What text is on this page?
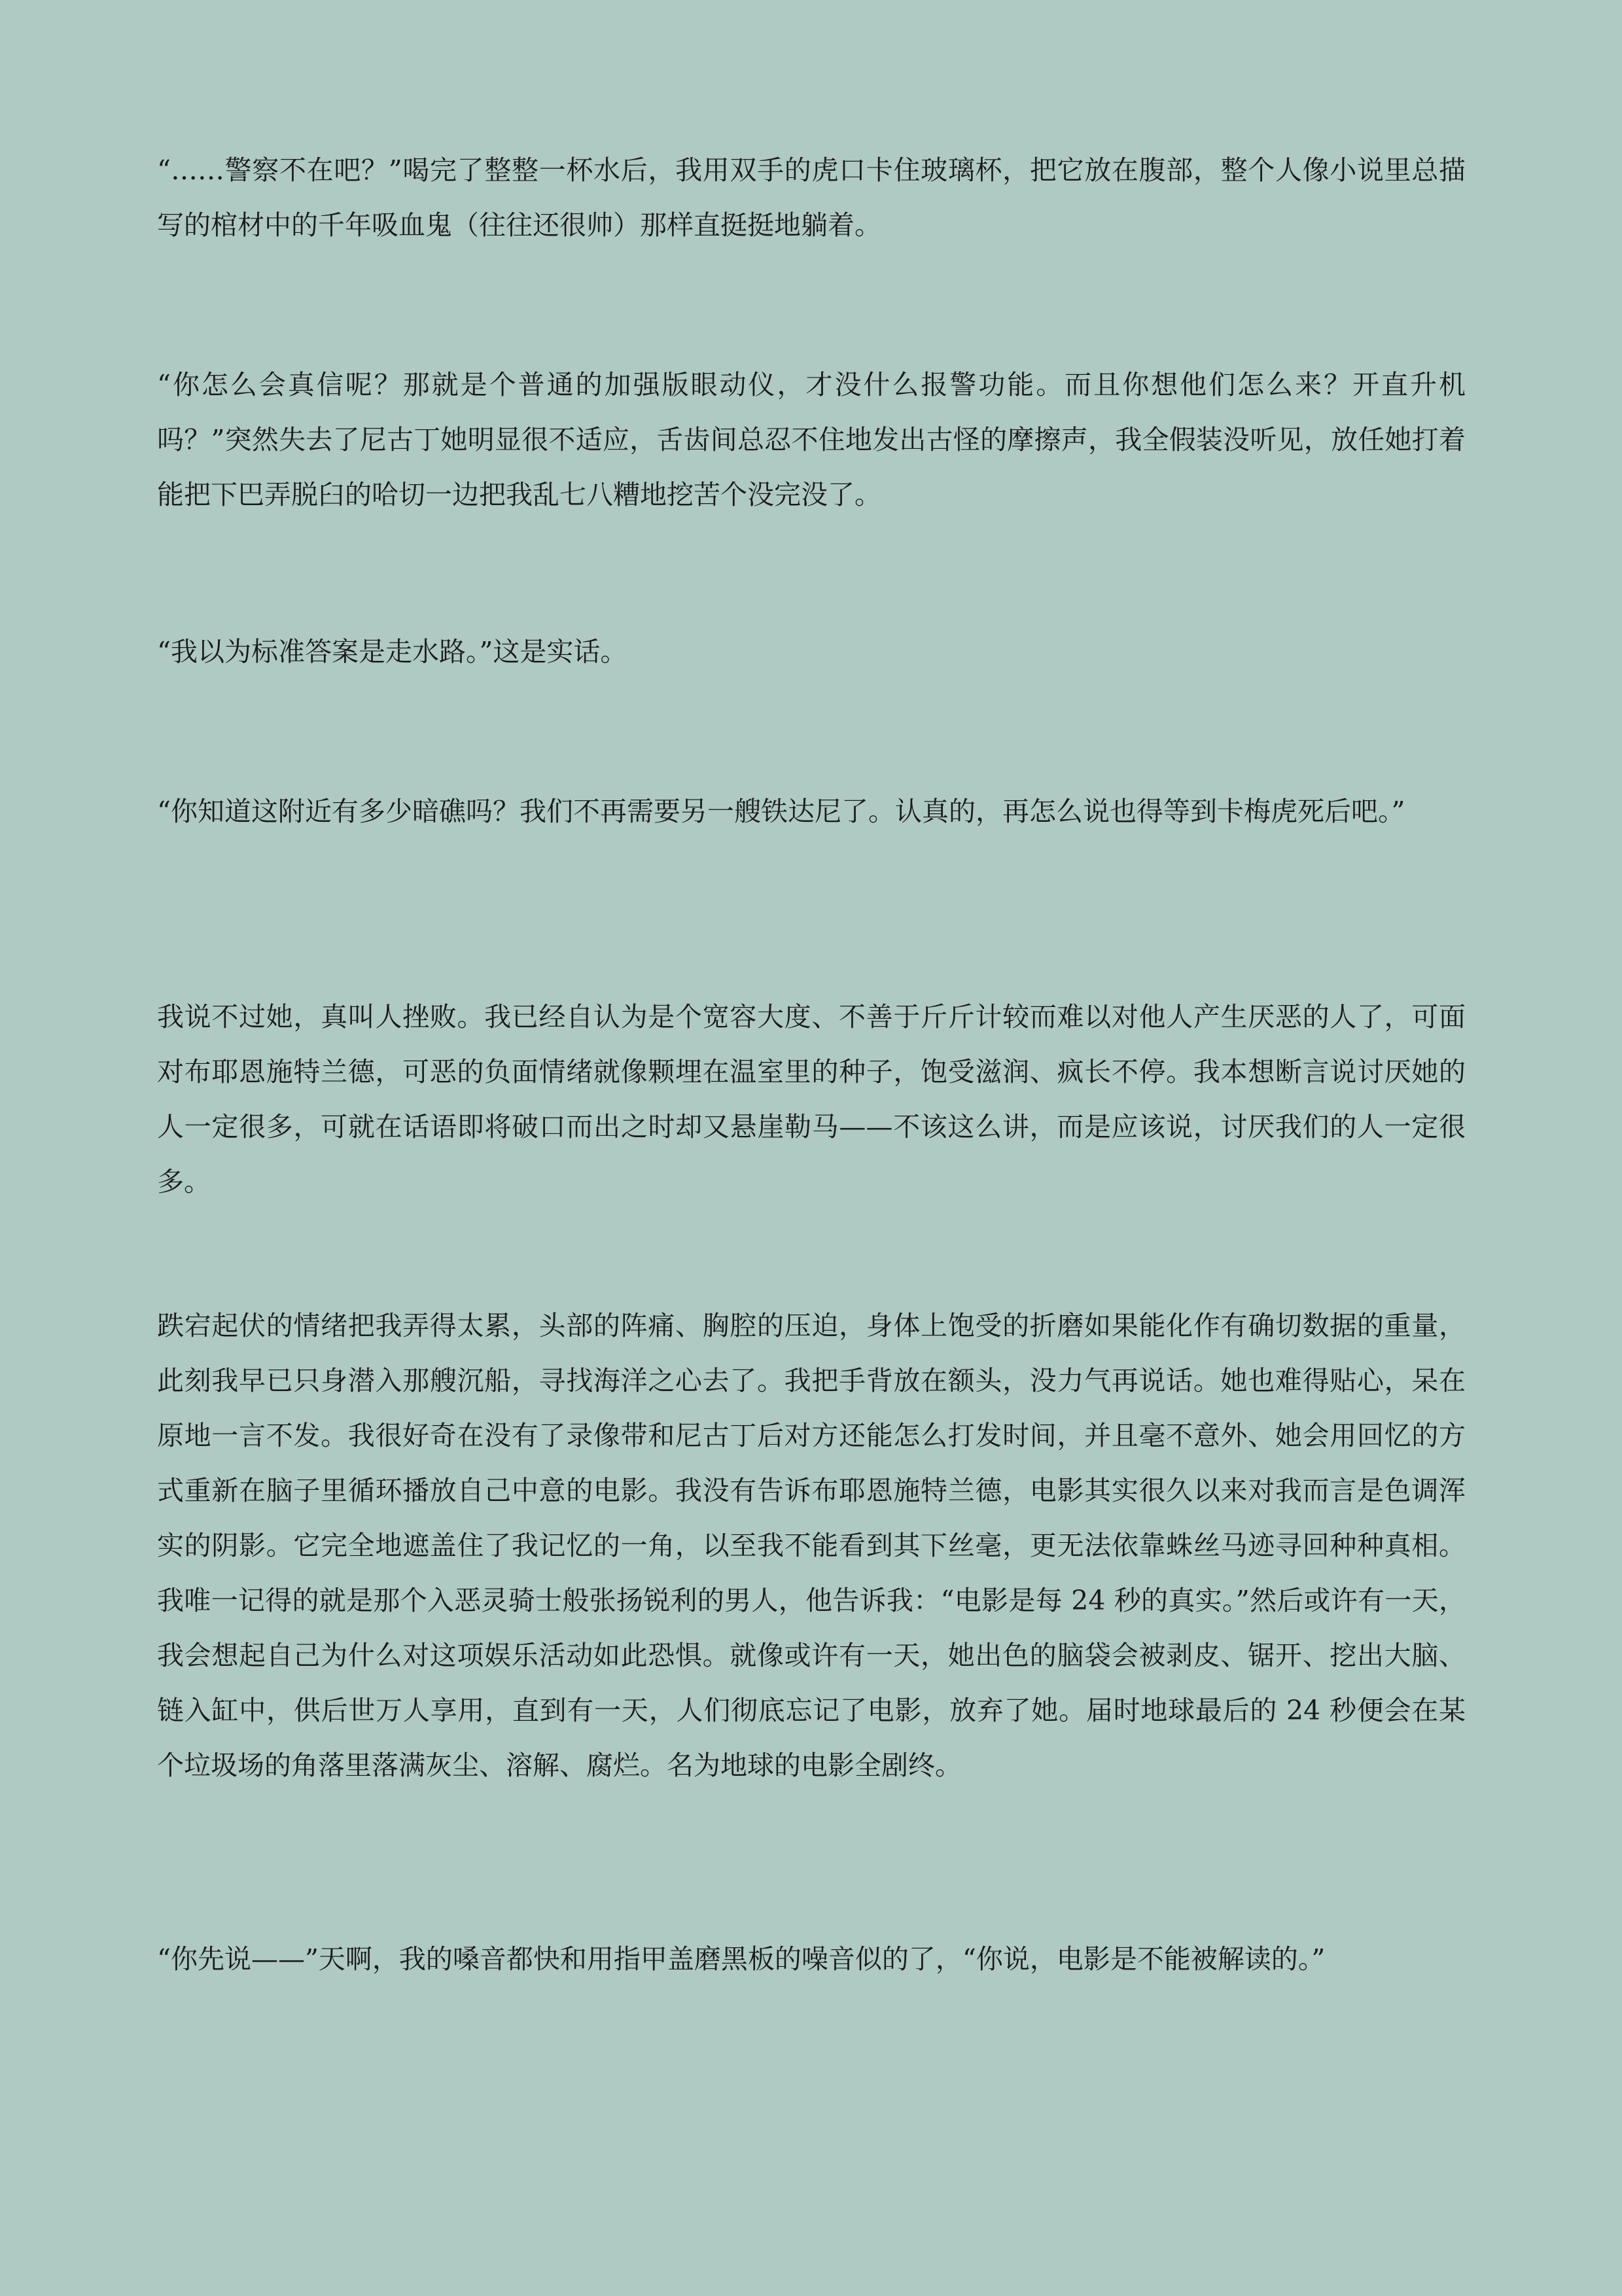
“……警察不在吧？”喝完了整整一杯水后，我用双手的虎口卡住玻璃杯，把它放在腹部，整个人像小说里总描写的棺材中的千年吸血鬼（往往还很帅）那样直挺挺地躺着。

“你怎么会真信呢？那就是个普通的加强版眼动仪，才没什么报警功能。而且你想他们怎么来？开直升机吗？”突然失去了尼古丁她明显很不适应，舌齿间总忍不住地发出古怪的摩擦声，我全假装没听见，放任她打着能把下巴弄脱臼的哈切一边把我乱七八糟地挖苦个没完没了。

“我以为标准答案是走水路。”这是实话。

“你知道这附近有多少暗礁吗？我们不再需要另一艘铁达尼了。认真的，再怎么说也得等到卡梅虎死后吧。”

我说不过她，真叫人挫败。我已经自认为是个宽容大度、不善于斤斤计较而难以对他人产生厌恶的人了，可面对布耶恩施特兰德，可恶的负面情绪就像颗埋在温室里的种子，饱受滋润、疯长不停。我本想断言说讨厌她的人一定很多，可就在话语即将破口而出之时却又悬崖勒马——不该这么讲，而是应该说，讨厌我们的人一定很多。

跌宕起伏的情绪把我弄得太累，头部的阵痛、胸腔的压迫，身体上饱受的折磨如果能化作有确切数据的重量，此刻我早已只身潜入那艘沉船，寻找海洋之心去了。我把手背放在额头，没力气再说话。她也难得贴心，呆在原地一言不发。我很好奇在没有了录像带和尼古丁后对方还能怎么打发时间，并且毫不意外、她会用回忆的方式重新在脑子里循环播放自己中意的电影。我没有告诉布耶恩施特兰德，电影其实很久以来对我而言是色调浑实的阴影。它完全地遮盖住了我记忆的一角，以至我不能看到其下丝毫，更无法依靠蛛丝马迹寻回种种真相。我唯一记得的就是那个入恶灵骑士般张扬锐利的男人，他告诉我：“电影是每 24 秒的真实。”然后或许有一天，我会想起自己为什么对这项娱乐活动如此恐惧。就像或许有一天，她出色的脑袋会被剥皮、锯开、挖出大脑、链入缸中，供后世万人享用，直到有一天，人们彻底忘记了电影，放弃了她。届时地球最后的 24 秒便会在某个垃圾场的角落里落满灰尘、溶解、腐烂。名为地球的电影全剧终。

“你先说——”天啊，我的嗓音都快和用指甲盖磨黑板的噪音似的了，“你说，电影是不能被解读的。”
